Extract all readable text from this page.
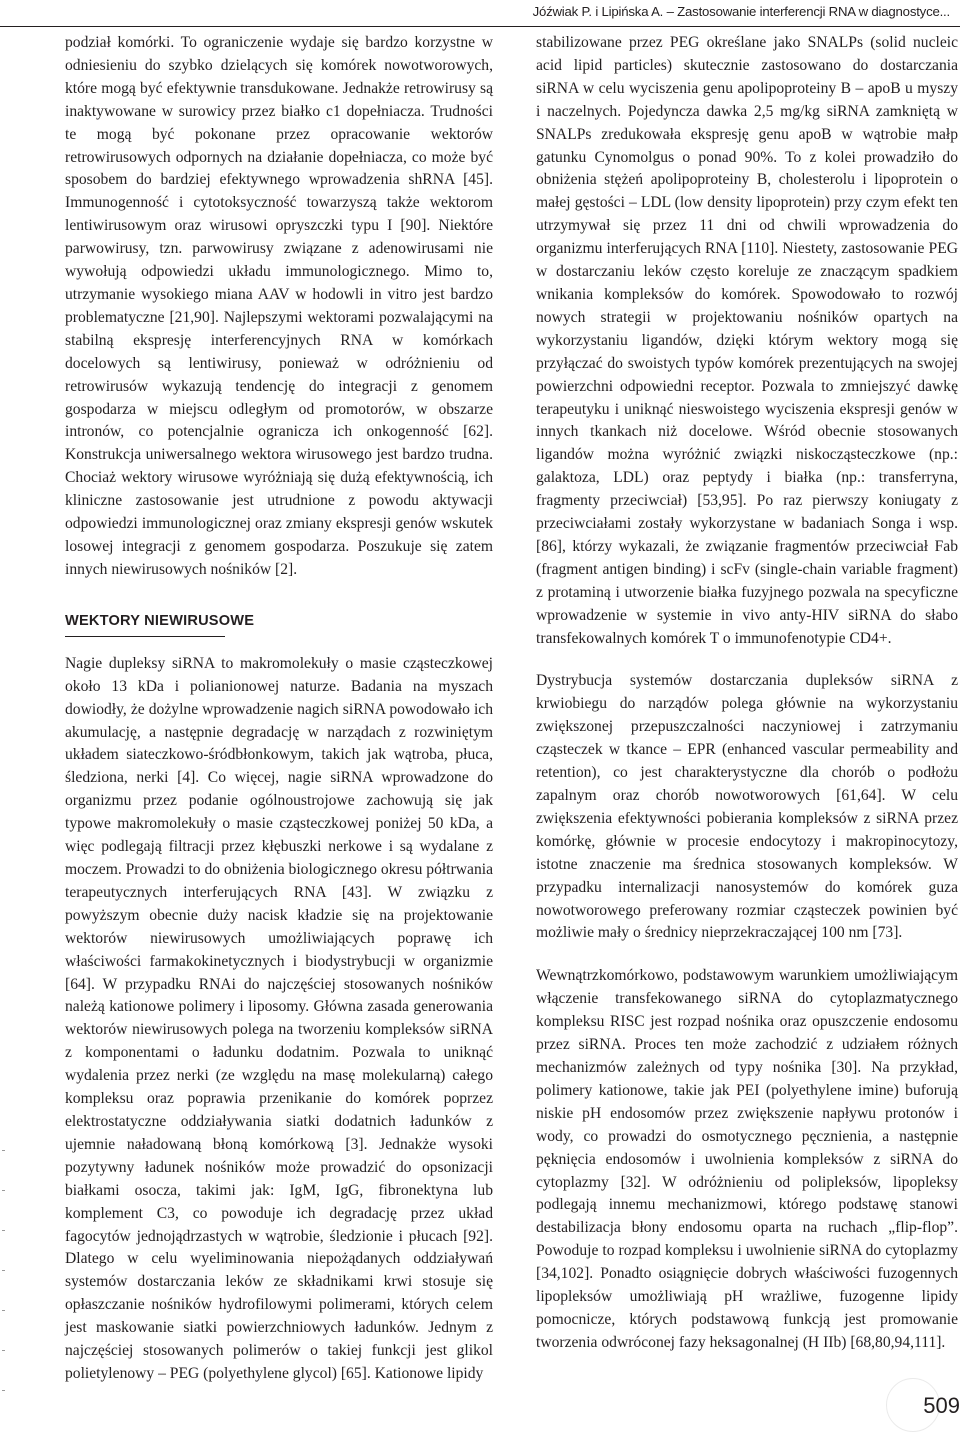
Jóźwiak P. i Lipińska A. – Zastosowanie interferencji RNA w diagnostyce...

podział komórki. To ograniczenie wydaje się bardzo korzystne w odniesieniu do szybko dzielących się komórek nowotworowych, które mogą być efektywnie transdukowane. Jednakże retrowirusy są inaktywowane w surowicy przez białko c1 dopełniacza. Trudności te mogą być pokonane przez opracowanie wektorów retrowirusowych odpornych na działanie dopełniacza, co może być sposobem do bardziej efektywnego wprowadzenia shRNA [45]. Immunogenność i cytotoksyczność towarzyszą także wektorom lentiwirusowym oraz wirusowi opryszczki typu I [90]. Niektóre parwowirusy, tzn. parwowirusy związane z adenowirusami nie wywołują odpowiedzi układu immunologicznego. Mimo to, utrzymanie wysokiego miana AAV w hodowli in vitro jest bardzo problematyczne [21,90]. Najlepszymi wektorami pozwalającymi na stabilną ekspresję interferencyjnych RNA w komórkach docelowych są lentiwirusy, ponieważ w odróżnieniu od retrowirusów wykazują tendencję do integracji z genomem gospodarza w miejscu odległym od promotorów, w obszarze intronów, co potencjalnie ogranicza ich onkogenność [62]. Konstrukcja uniwersalnego wektora wirusowego jest bardzo trudna. Chociaż wektory wirusowe wyróżniają się dużą efektywnością, ich kliniczne zastosowanie jest utrudnione z powodu aktywacji odpowiedzi immunologicznej oraz zmiany ekspresji genów wskutek losowej integracji z genomem gospodarza. Poszukuje się zatem innych niewirusowych nośników [2].

WEKTORY NIEWIRUSOWE

Nagie dupleksy siRNA to makromolekuły o masie cząsteczkowej około 13 kDa i polianionowej naturze. Badania na myszach dowiodły, że dożylne wprowadzenie nagich siRNA powodowało ich akumulację, a następnie degradację w narządach z rozwiniętym układem siateczkowo-śródbłonkowym, takich jak wątroba, płuca, śledziona, nerki [4]. Co więcej, nagie siRNA wprowadzone do organizmu przez podanie ogólnoustrojowe zachowują się jak typowe makromolekuły o masie cząsteczkowej poniżej 50 kDa, a więc podlegają filtracji przez kłębuszki nerkowe i są wydalane z moczem. Prowadzi to do obniżenia biologicznego okresu półtrwania terapeutycznych interferujących RNA [43]. W związku z powyższym obecnie duży nacisk kładzie się na projektowanie wektorów niewirusowych umożliwiających poprawę ich właściwości farmakokinetycznych i biodystrybucji w organizmie [64]. W przypadku RNAi do najczęściej stosowanych nośników należą kationowe polimery i liposomy. Główna zasada generowania wektorów niewirusowych polega na tworzeniu kompleksów siRNA z komponentami o ładunku dodatnim. Pozwala to uniknąć wydalenia przez nerki (ze względu na masę molekularną) całego kompleksu oraz poprawia przenikanie do komórek poprzez elektrostatyczne oddziaływania siatki dodatnich ładunków z ujemnie naładowaną błoną komórkową [3]. Jednakże wysoki pozytywny ładunek nośników może prowadzić do opsonizacji białkami osocza, takimi jak: IgM, IgG, fibronektyna lub komplement C3, co powoduje ich degradację przez układ fagocytów jednojądrzastych w wątrobie, śledzionie i płucach [92]. Dlatego w celu wyeliminowania niepożądanych oddziaływań systemów dostarczania leków ze składnikami krwi stosuje się opłaszczanie nośników hydrofilowymi polimerami, których celem jest maskowanie siatki powierzchniowych ładunków. Jednym z najczęściej stosowanych polimerów o takiej funkcji jest glikol polietylenowy – PEG (polyethylene glycol) [65]. Kationowe lipidy

stabilizowane przez PEG określane jako SNALPs (solid nucleic acid lipid particles) skutecznie zastosowano do dostarczania siRNA w celu wyciszenia genu apolipoproteiny B – apoB u myszy i naczelnych. Pojedyncza dawka 2,5 mg/kg siRNA zamkniętą w SNALPs zredukowała ekspresję genu apoB w wątrobie małp gatunku Cynomolgus o ponad 90%. To z kolei prowadziło do obniżenia stężeń apolipoproteiny B, cholesterolu i lipoprotein o małej gęstości – LDL (low density lipoprotein) przy czym efekt ten utrzymywał się przez 11 dni od chwili wprowadzenia do organizmu interferujących RNA [110]. Niestety, zastosowanie PEG w dostarczaniu leków często koreluje ze znaczącym spadkiem wnikania kompleksów do komórek. Spowodowało to rozwój nowych strategii w projektowaniu nośników opartych na wykorzystaniu ligandów, dzięki którym wektory mogą się przyłączać do swoistych typów komórek prezentujących na swojej powierzchni odpowiedni receptor. Pozwala to zmniejszyć dawkę terapeutyku i uniknąć nieswoistego wyciszenia ekspresji genów w innych tkankach niż docelowe. Wśród obecnie stosowanych ligandów można wyróżnić związki niskocząsteczkowe (np.: galaktoza, LDL) oraz peptydy i białka (np.: transferryna, fragmenty przeciwciał) [53,95]. Po raz pierwszy koniugaty z przeciwciałami zostały wykorzystane w badaniach Songa i wsp. [86], którzy wykazali, że związanie fragmentów przeciwciał Fab (fragment antigen binding) i scFv (single-chain variable fragment) z protaminą i utworzenie białka fuzyjnego pozwala na specyficzne wprowadzenie w systemie in vivo anty-HIV siRNA do słabo transfekowalnych komórek T o immunofenotypie CD4+.

Dystrybucja systemów dostarczania dupleksów siRNA z krwiobiegu do narządów polega głównie na wykorzystaniu zwiększonej przepuszczalności naczyniowej i zatrzymaniu cząsteczek w tkance – EPR (enhanced vascular permeability and retention), co jest charakterystyczne dla chorób o podłożu zapalnym oraz chorób nowotworowych [61,64]. W celu zwiększenia efektywności pobierania kompleksów z siRNA przez komórkę, głównie w procesie endocytozy i makropinocytozy, istotne znaczenie ma średnica stosowanych kompleksów. W przypadku internalizacji nanosystemów do komórek guza nowotworowego preferowany rozmiar cząsteczek powinien być możliwie mały o średnicy nieprzekraczającej 100 nm [73].

Wewnątrzkomórkowo, podstawowym warunkiem umożliwiającym włączenie transfekowanego siRNA do cytoplazmatycznego kompleksu RISC jest rozpad nośnika oraz opuszczenie endosomu przez siRNA. Proces ten może zachodzić z udziałem różnych mechanizmów zależnych od typy nośnika [30]. Na przykład, polimery kationowe, takie jak PEI (polyethylene imine) buforują niskie pH endosomów przez zwiększenie napływu protonów i wody, co prowadzi do osmotycznego pęcznienia, a następnie pęknięcia endosomów i uwolnienia kompleksów z siRNA do cytoplazmy [32]. W odróżnieniu od polipleksów, lipopleksy podlegają innemu mechanizmowi, którego podstawę stanowi destabilizacja błony endosomu oparta na ruchach „flip-flop”. Powoduje to rozpad kompleksu i uwolnienie siRNA do cytoplazmy [34,102]. Ponadto osiągnięcie dobrych właściwości fuzogennych lipopleksów umożliwiają pH wrażliwe, fuzogenne lipidy pomocnicze, których podstawową funkcją jest promowanie tworzenia odwróconej fazy heksagonalnej (H IIb) [68,80,94,111].

509
